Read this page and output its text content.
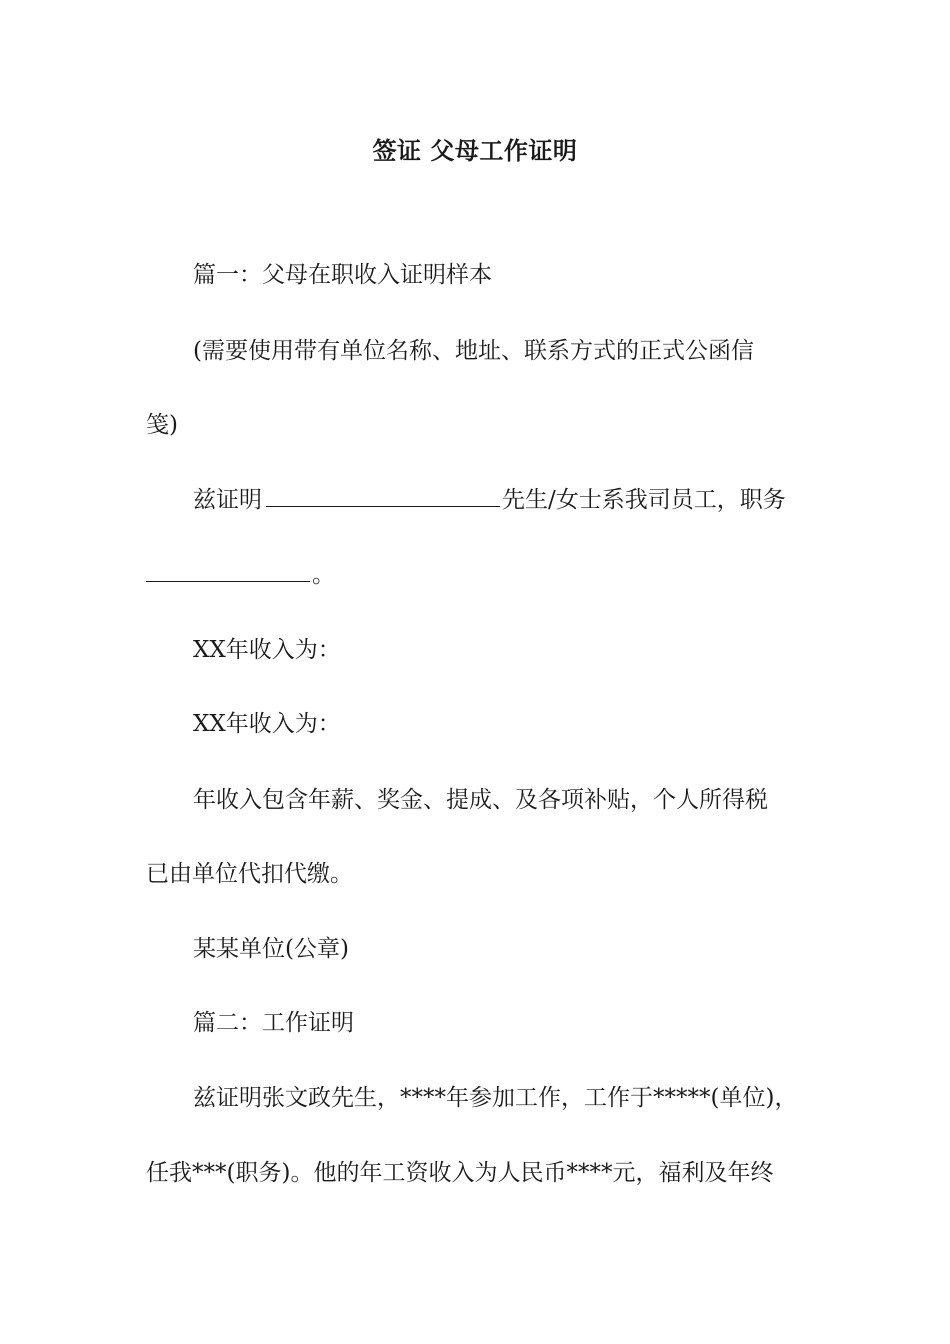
签证 父母工作证明
篇一：父母在职收入证明样本
(需要使用带有单位名称、地址、联系方式的正式公函信
笺)
兹证明	先生/女士系我司员工，职务
。
XX年收入为：
XX年收入为：
年收入包含年薪、奖金、提成、及各项补贴，个人所得税
已由单位代扣代缴。
某某单位(公章)
篇二：工作证明
兹证明张文政先生，****年参加工作，工作于*****(单位)，
任我***(职务)。他的年工资收入为人民币****元，福利及年终
